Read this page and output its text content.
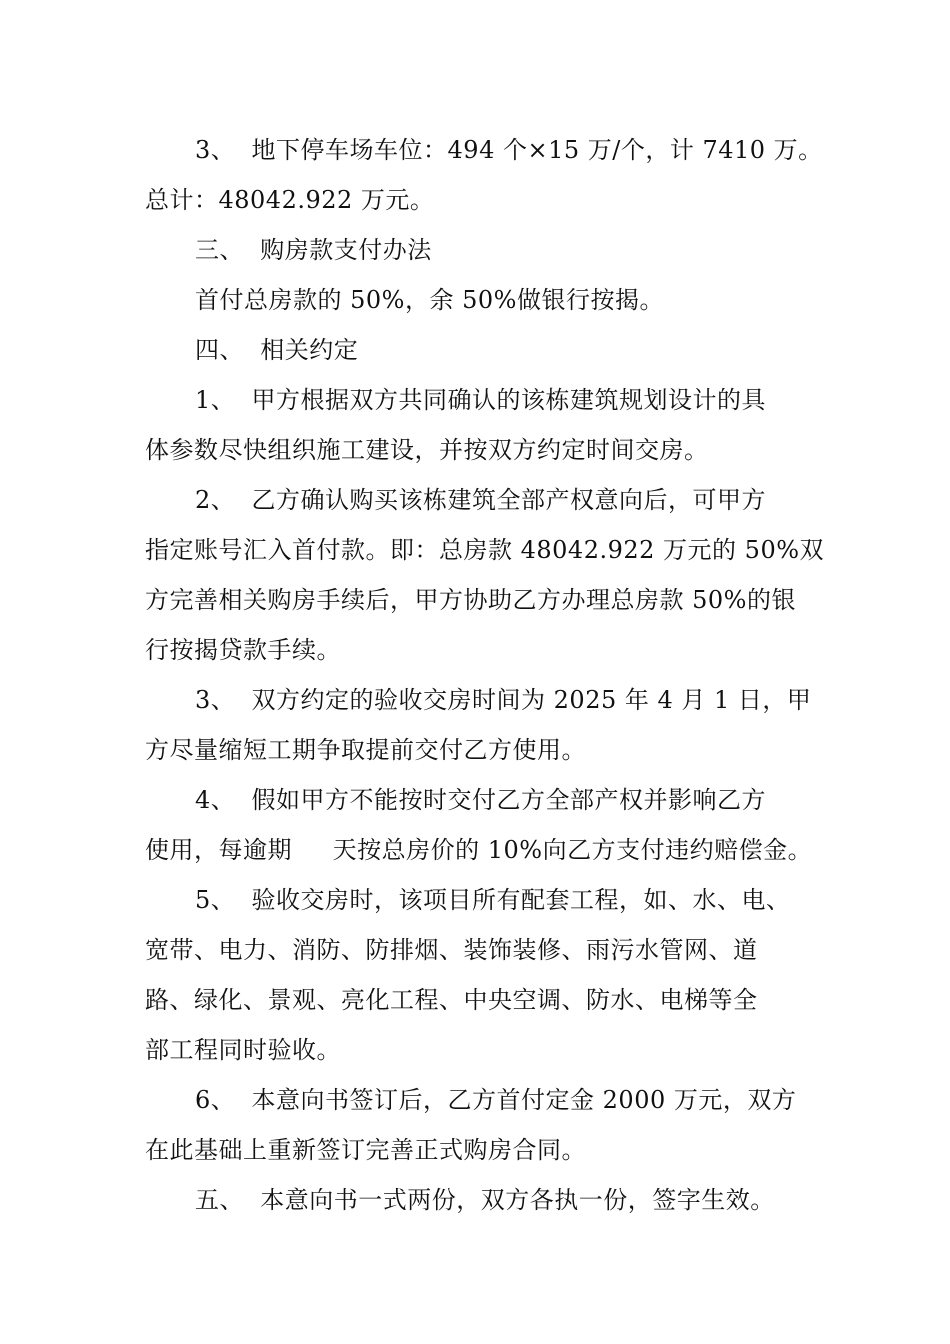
3、  地下停车场车位：494 个×15 万/个，计 7410 万。
总计：48042.922 万元。
三、  购房款支付办法
首付总房款的 50%，余 50%做银行按揭。
四、  相关约定
1、  甲方根据双方共同确认的该栋建筑规划设计的具
体参数尽快组织施工建设，并按双方约定时间交房。
2、  乙方确认购买该栋建筑全部产权意向后，可甲方
指定账号汇入首付款。即：总房款 48042.922 万元的 50%双
方完善相关购房手续后，甲方协助乙方办理总房款 50%的银
行按揭贷款手续。
3、  双方约定的验收交房时间为 2025 年 4 月 1 日，甲
方尽量缩短工期争取提前交付乙方使用。
4、  假如甲方不能按时交付乙方全部产权并影响乙方
使用，每逾期     天按总房价的 10%向乙方支付违约赔偿金。
5、  验收交房时，该项目所有配套工程，如、水、电、
宽带、电力、消防、防排烟、装饰装修、雨污水管网、道
路、绿化、景观、亮化工程、中央空调、防水、电梯等全
部工程同时验收。
6、  本意向书签订后，乙方首付定金 2000 万元，双方
在此基础上重新签订完善正式购房合同。
五、  本意向书一式两份，双方各执一份，签字生效。
